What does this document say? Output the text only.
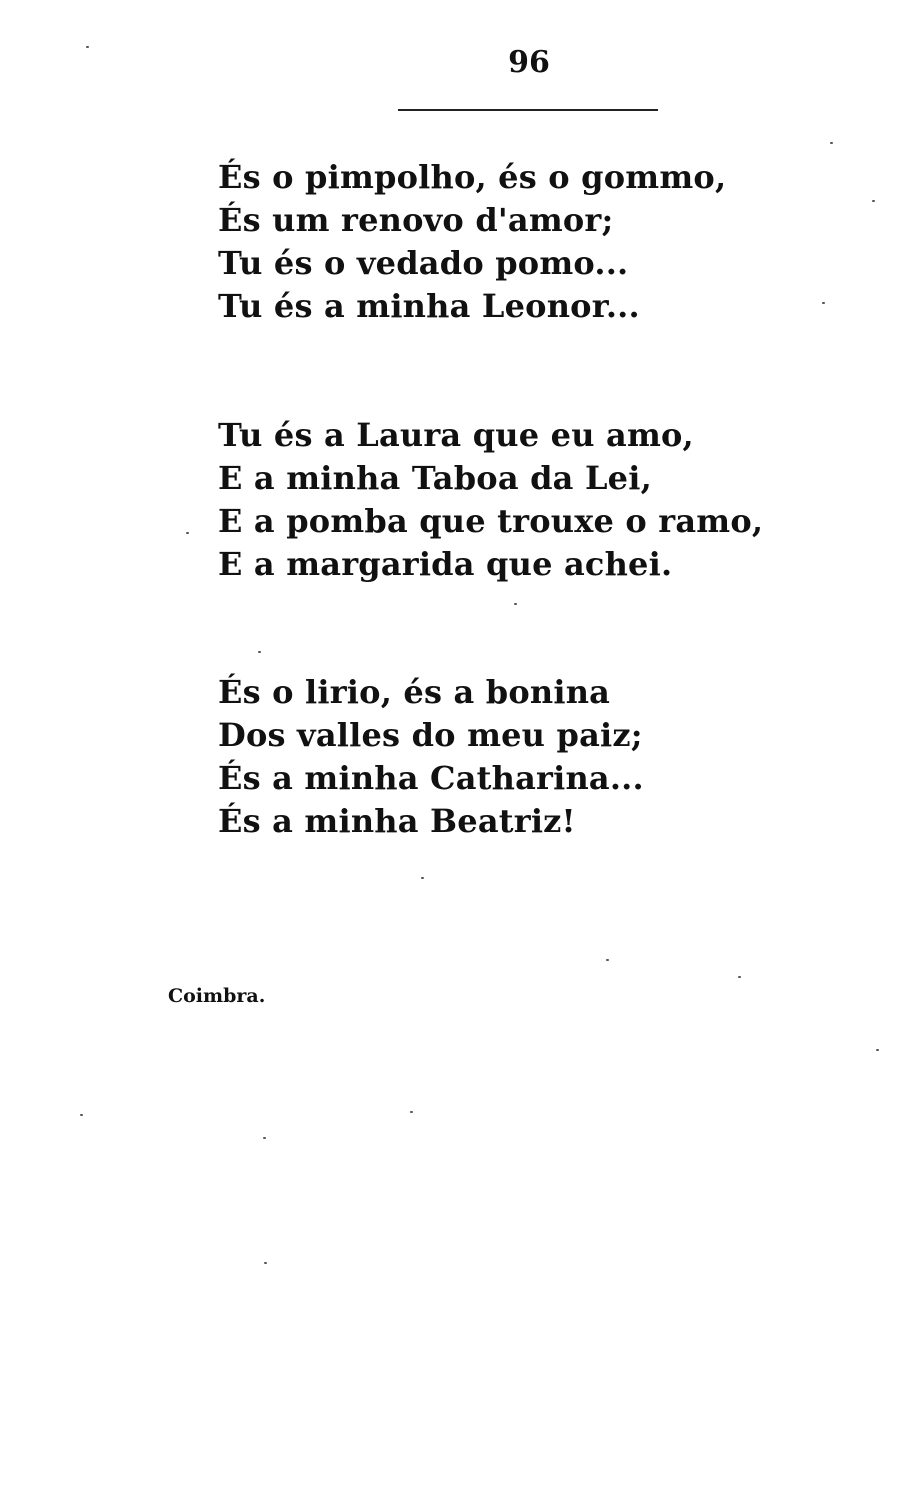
96
És o pimpolho, és o gommo,
És um renovo d'amor;
Tu és o vedado pomo...
Tu és a minha Leonor...
Tu és a Laura que eu amo,
E a minha Taboa da Lei,
E a pomba que trouxe o ramo,
E a margarida que achei.
És o lirio, és a bonina
Dos valles do meu paiz;
És a minha Catharina...
És a minha Beatriz!
Coimbra.
